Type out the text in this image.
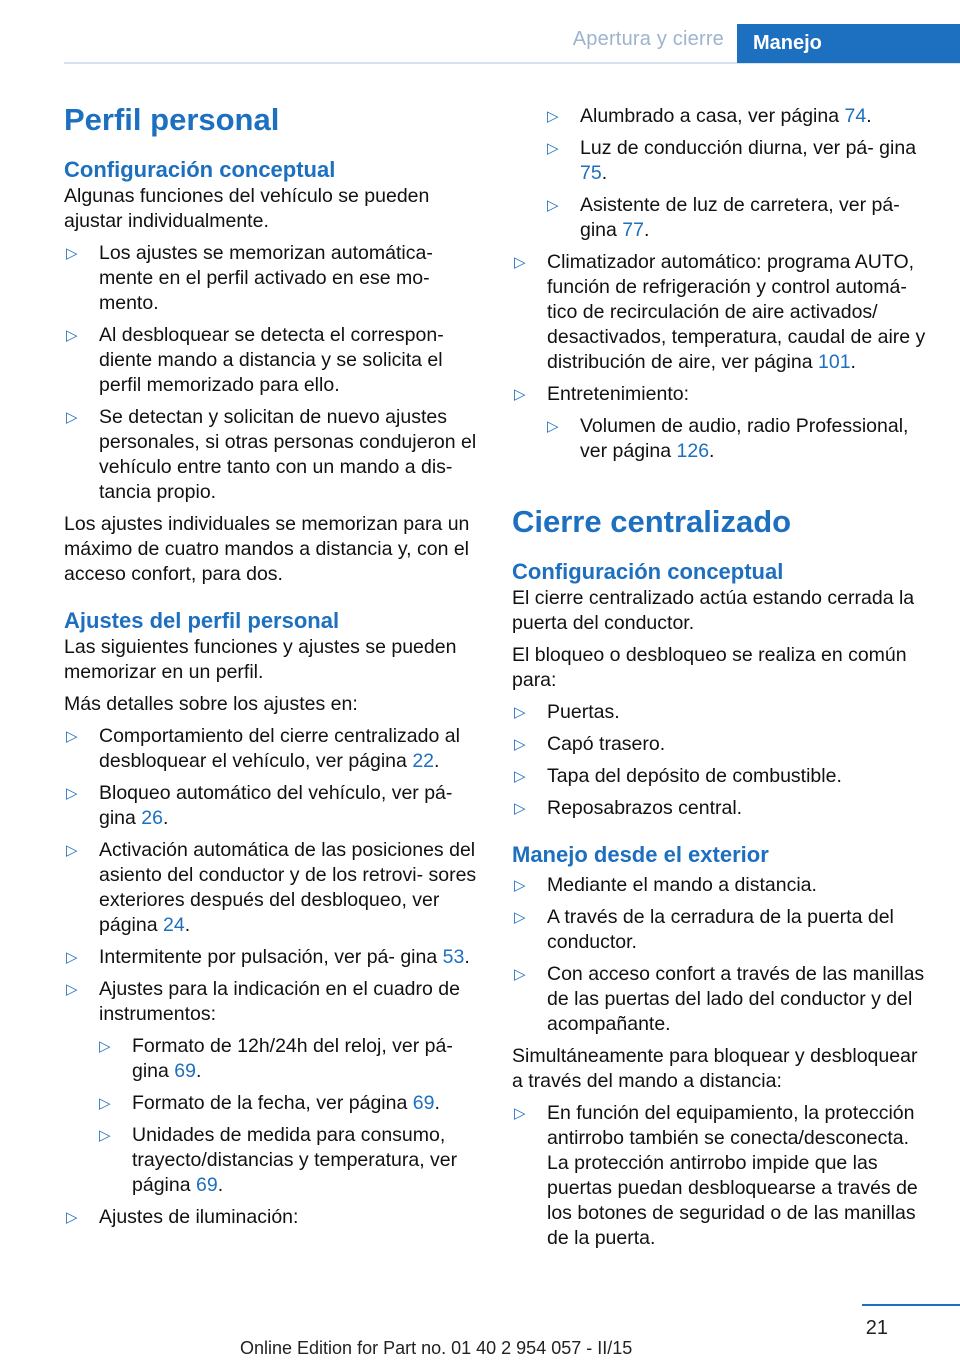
Apertura y cierre	Manejo
Perfil personal
Configuración conceptual

Algunas funciones del vehículo se pueden ajustar individualmente.

▷ Los ajustes se memorizan automática‐ mente en el perfil activado en ese mo‐ mento.
▷ Al desbloquear se detecta el correspon‐ diente mando a distancia y se solicita el perfil memorizado para ello.
▷ Se detectan y solicitan de nuevo ajustes personales, si otras personas condujeron el vehículo entre tanto con un mando a dis‐ tancia propio.

Los ajustes individuales se memorizan para un máximo de cuatro mandos a distancia y, con el acceso confort, para dos.

Ajustes del perfil personal

Las siguientes funciones y ajustes se pueden memorizar en un perfil.

Más detalles sobre los ajustes en:

▷ Comportamiento del cierre centralizado al desbloquear el vehículo, ver página 22.
▷ Bloqueo automático del vehículo, ver pá‐ gina 26.
▷ Activación automática de las posiciones del asiento del conductor y de los retrovi‐ sores exteriores después del desbloqueo, ver página 24.
▷ Intermitente por pulsación, ver pá‐ gina 53.
▷ Ajustes para la indicación en el cuadro de instrumentos:
▷ Formato de 12h/24h del reloj, ver pá‐ gina 69.
▷ Formato de la fecha, ver página 69.
▷ Unidades de medida para consumo, trayecto/distancias y temperatura, ver página 69.
▷ Ajustes de iluminación:
▷ Alumbrado a casa, ver página 74.
▷ Luz de conducción diurna, ver pá‐ gina 75.
▷ Asistente de luz de carretera, ver pá‐ gina 77.
▷ Climatizador automático: programa AUTO, función de refrigeración y control automá‐ tico de recirculación de aire activados/ desactivados, temperatura, caudal de aire y distribución de aire, ver página 101.
▷ Entretenimiento:
▷ Volumen de audio, radio Professional, ver página 126.
Cierre centralizado
Configuración conceptual

El cierre centralizado actúa estando cerrada la puerta del conductor.

El bloqueo o desbloqueo se realiza en común para:

▷ Puertas.
▷ Capó trasero.
▷ Tapa del depósito de combustible.
▷ Reposabrazos central.
Manejo desde el exterior
▷ Mediante el mando a distancia.
▷ A través de la cerradura de la puerta del conductor.
▷ Con acceso confort a través de las manillas de las puertas del lado del conductor y del acompañante.

Simultáneamente para bloquear y desbloquear a través del mando a distancia:

▷ En función del equipamiento, la protección antirrobo también se conecta/desconecta. La protección antirrobo impide que las puertas puedan desbloquearse a través de los botones de seguridad o de las manillas de la puerta.
21
Online Edition for Part no. 01 40 2 954 057 - II/15
